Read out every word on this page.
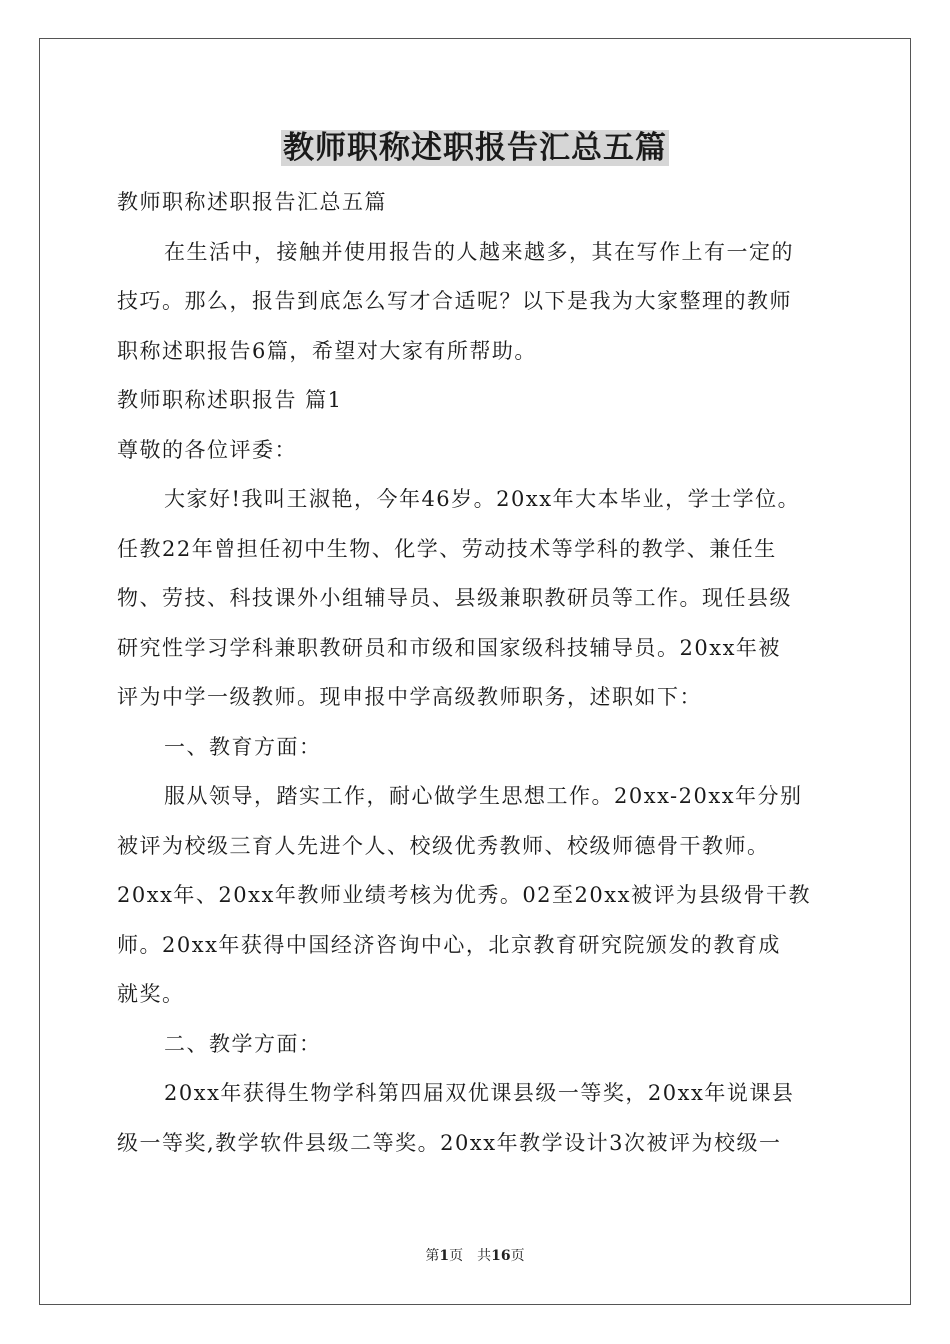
教师职称述职报告汇总五篇
教师职称述职报告汇总五篇
在生活中，接触并使用报告的人越来越多，其在写作上有一定的
技巧。那么，报告到底怎么写才合适呢？以下是我为大家整理的教师
职称述职报告6篇，希望对大家有所帮助。
教师职称述职报告 篇1
尊敬的各位评委：
大家好!我叫王淑艳，今年46岁。20xx年大本毕业，学士学位。
任教22年曾担任初中生物、化学、劳动技术等学科的教学、兼任生
物、劳技、科技课外小组辅导员、县级兼职教研员等工作。现任县级
研究性学习学科兼职教研员和市级和国家级科技辅导员。20xx年被
评为中学一级教师。现申报中学高级教师职务，述职如下：
一、教育方面：
服从领导，踏实工作，耐心做学生思想工作。20xx-20xx年分别
被评为校级三育人先进个人、校级优秀教师、校级师德骨干教师。
20xx年、20xx年教师业绩考核为优秀。02至20xx被评为县级骨干教
师。20xx年获得中国经济咨询中心，北京教育研究院颁发的教育成
就奖。
二、教学方面：
20xx年获得生物学科第四届双优课县级一等奖，20xx年说课县
级一等奖,教学软件县级二等奖。20xx年教学设计3次被评为校级一
第1页　共16页
